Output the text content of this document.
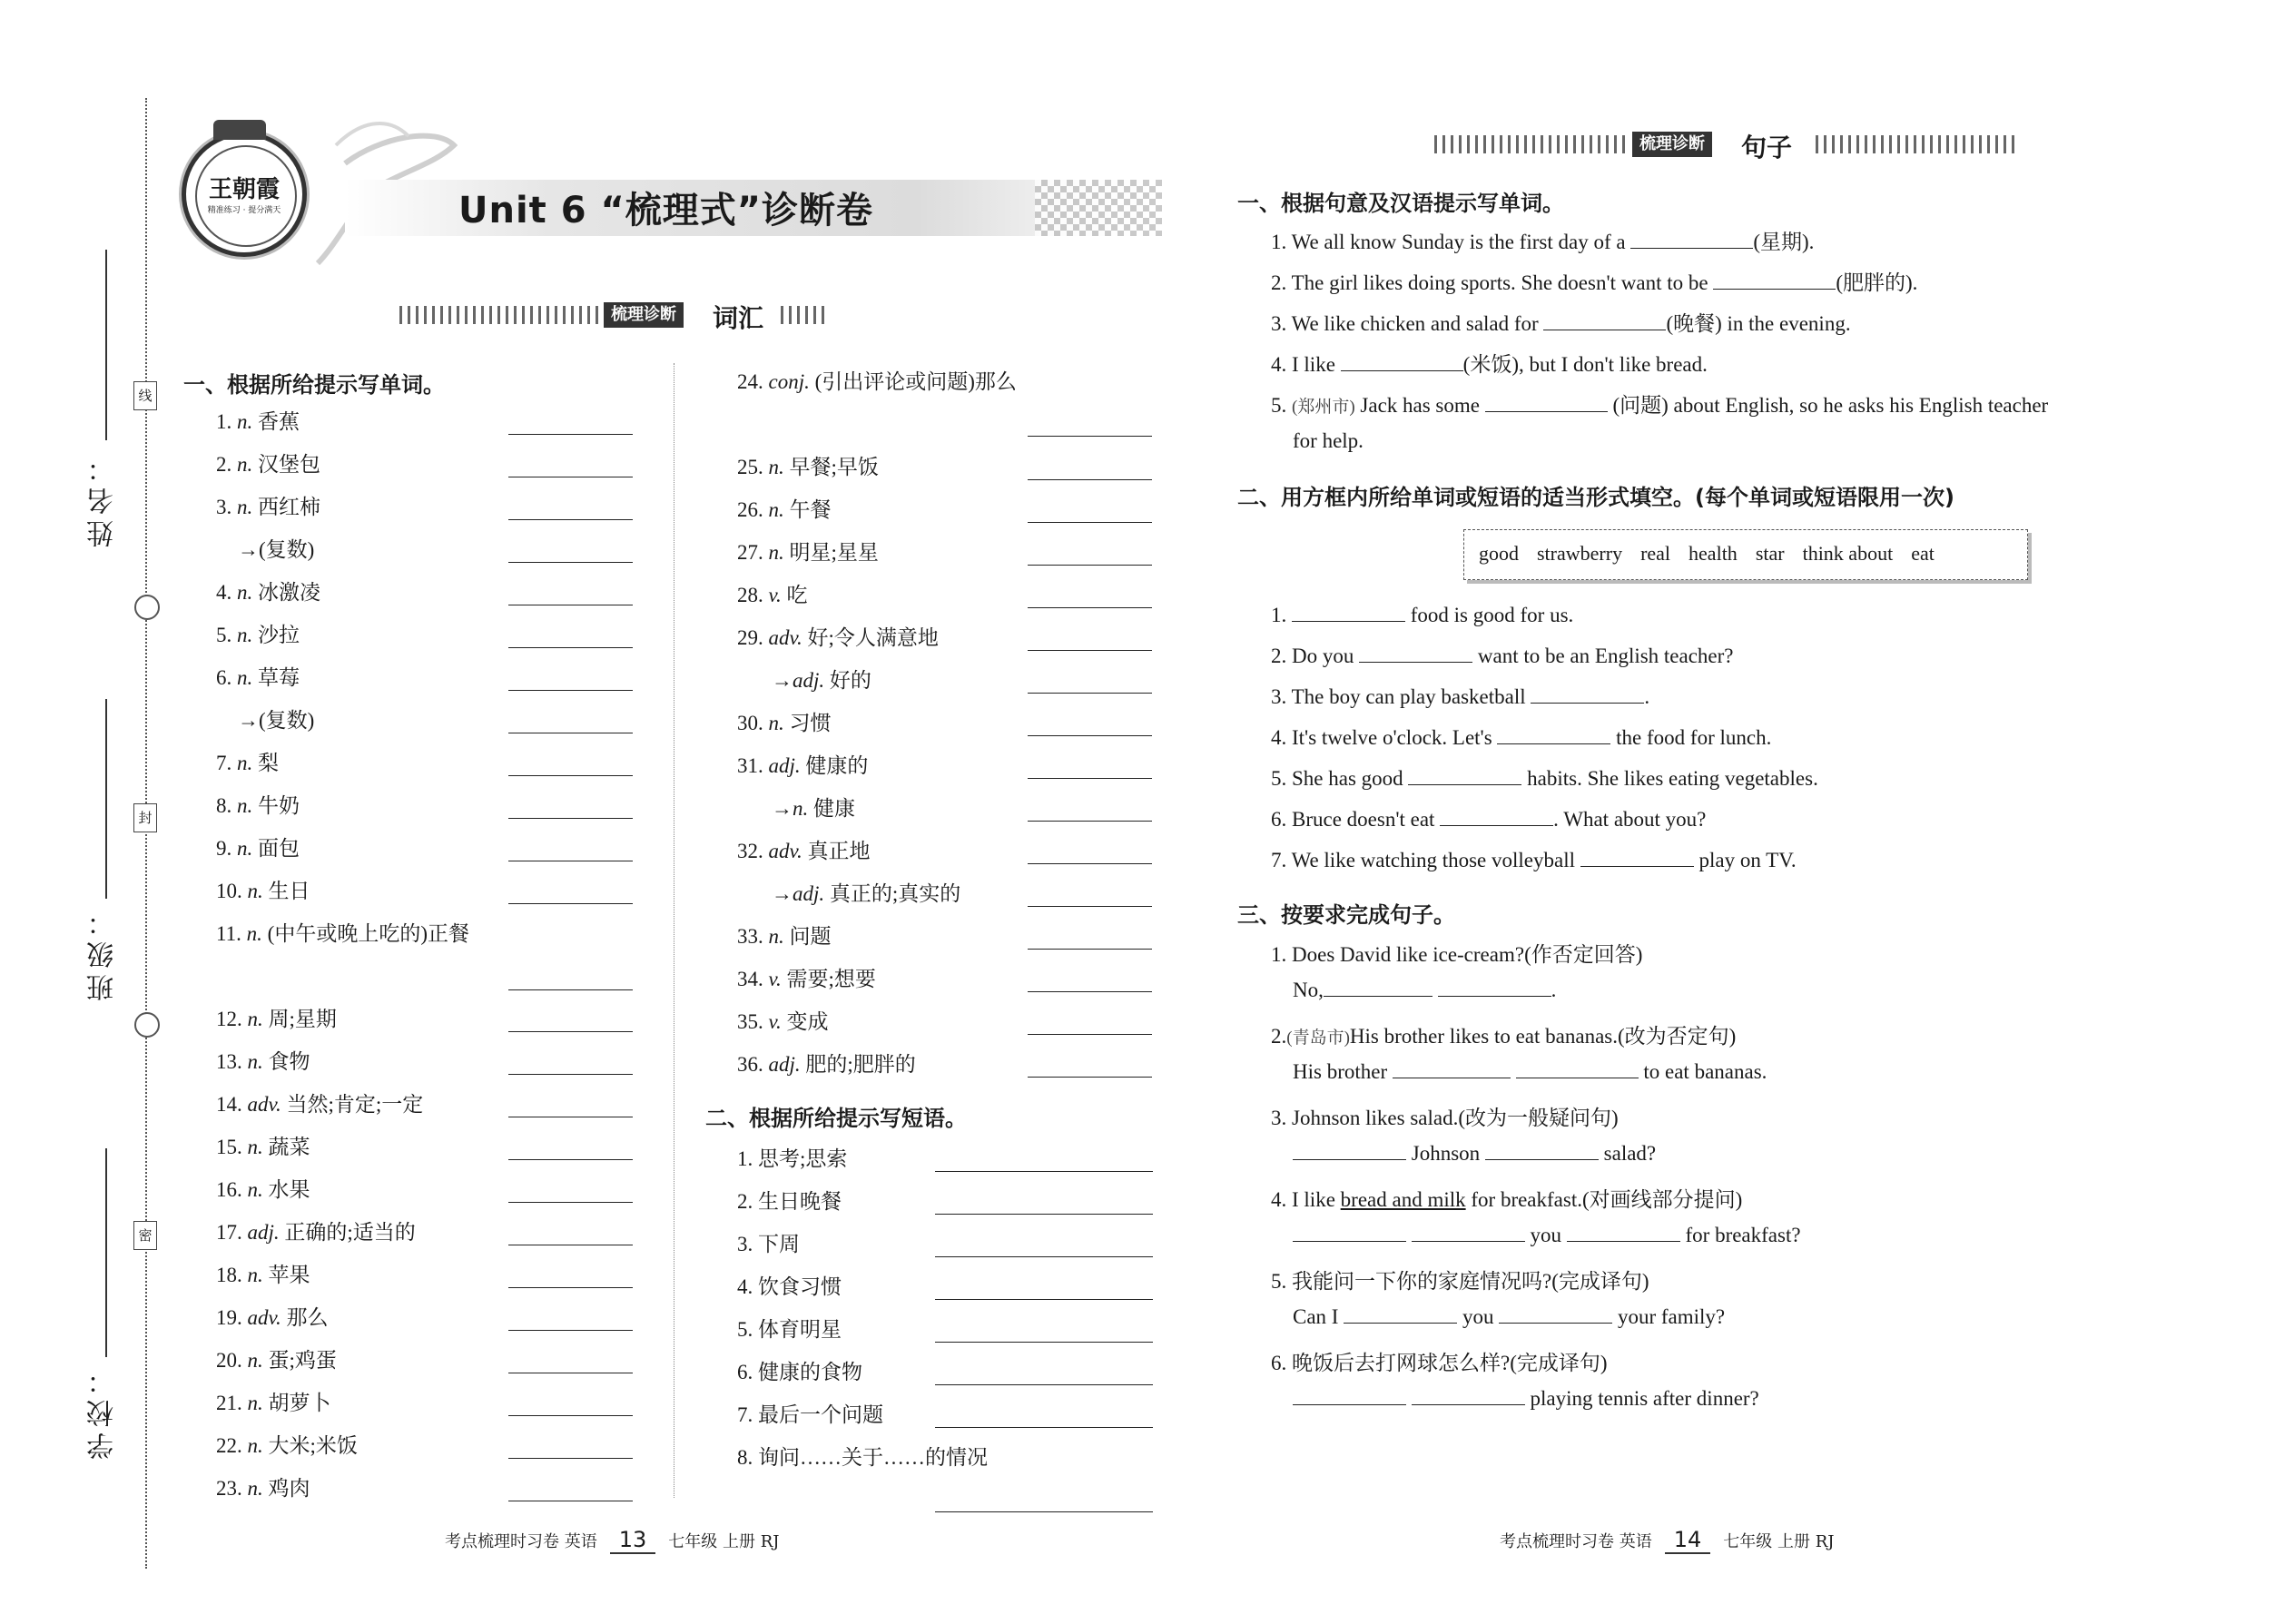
姓名：
班级：
学校：
线
封
密
王朝霞
精准练习 · 提分满天	Unit 6 “梳理式”诊断卷
梳理诊断 词汇
梳理诊断 句子
一、根据所给提示写单词。
1. n. 香蕉
2. n. 汉堡包
3. n. 西红柿
→(复数)
4. n. 冰激凌
5. n. 沙拉
6. n. 草莓
→(复数)
7. n. 梨
8. n. 牛奶
9. n. 面包
10. n. 生日
11. n. (中午或晚上吃的)正餐
12. n. 周;星期
13. n. 食物
14. adv. 当然;肯定;一定
15. n. 蔬菜
16. n. 水果
17. adj. 正确的;适当的
18. n. 苹果
19. adv. 那么
20. n. 蛋;鸡蛋
21. n. 胡萝卜
22. n. 大米;米饭
23. n. 鸡肉
24. conj. (引出评论或问题)那么
25. n. 早餐;早饭
26. n. 午餐
27. n. 明星;星星
28. v. 吃
29. adv. 好;令人满意地
→adj. 好的
30. n. 习惯
31. adj. 健康的
→n. 健康
32. adv. 真正地
→adj. 真正的;真实的
33. n. 问题
34. v. 需要;想要
35. v. 变成
36. adj. 肥的;肥胖的
二、根据所给提示写短语。
1. 思考;思索
2. 生日晚餐
3. 下周
4. 饮食习惯
5. 体育明星
6. 健康的食物
7. 最后一个问题
8. 询问……关于……的情况
一、根据句意及汉语提示写单词。
1. We all know Sunday is the first day of a	(星期).
2. The girl likes doing sports. She doesn't want to be	(肥胖的).
3. We like chicken and salad for	(晚餐) in the evening.
4. I like	(米饭), but I don't like bread.
5. (郑州市) Jack has some	(问题) about English, so he asks his English teacher
for help.
二、用方框内所给单词或短语的适当形式填空。(每个单词或短语限用一次)
good strawberry real health star think about eat
1.	food is good for us.
2. Do you	want to be an English teacher?
3. The boy can play basketball	.
4. It's twelve o'clock. Let's	the food for lunch.
5. She has good	habits. She likes eating vegetables.
6. Bruce doesn't eat	. What about you?
7. We like watching those volleyball	play on TV.
三、按要求完成句子。
1. Does David like ice-cream?(作否定回答)
No,	.
2.(青岛市)His brother likes to eat bananas.(改为否定句)
His brother	to eat bananas.
3. Johnson likes salad.(改为一般疑问句)
Johnson	salad?
4. I like bread and milk for breakfast.(对画线部分提问)
you	for breakfast?
5. 我能问一下你的家庭情况吗?(完成译句)
Can I	you	your family?
6. 晚饭后去打网球怎么样?(完成译句)
playing tennis after dinner?
考点梳理时习卷 英语 13 七年级 上册 RJ	考点梳理时习卷 英语 14 七年级 上册 RJ
